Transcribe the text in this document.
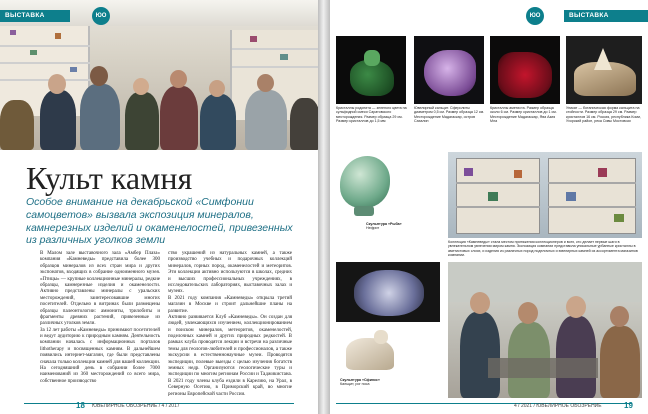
ВЫСТАВКА	ЮО
Культ камня

Особое внимание на декабрьской «Симфонии самоцветов» вызвала экспозиция минералов, камнерезных изделий и окаменелостей, привезенных из различных уголков земли

В Малом зале выставочного зала «Амбер Плаза» компания «Камневеды» представила более 300 образцов минералов из всех стран мира и других экспонатов, входящих в собрание одноименного музея. «Птицы» — крупные коллекционные минералы, редкие образцы, камнерезные изделия и окаменелости. Активно представлены минералы с уральских месторождений, заинтересовавшие многих посетителей. Отдельно в витринах были размещены образцы палеонтологии: аммониты, трилобиты и фрагменты древних растений, привезенные из различных уголков земли.
За 12 лет работы «Камневеды» принимают посетителей и ведут аудиторию к природным камням. Деятельность компании началась с информационных порталов lithotherapy и посвященных камням. В дальнейшем появились интернет-магазин, где были представлены сначала только коллекции камней для вашей коллекции. На сегодняшний день в собрании более 7000 наименований из 360 месторождений со всего мира, собственное производство
ство украшений из натуральных камней, а также производство учебных и подарочных коллекций минералов, горных пород, окаменелостей и метеоритов. Эти коллекции активно используются в школах, средних и высших профессиональных учреждениях, в исследовательских лабораториях, выставочных залах и музеях.
В 2021 году компания «Камневеды» открыла третий магазин в Москве и строит дальнейшие планы на развитие.
Активно развивается Клуб «Камневеды». Он создан для людей, увлекающихся изучением, коллекционированием и поиском минералов, метеоритов, окаменелостей, поделочных камней и других природных редкостей. В рамках клуба проводятся лекции и встречи на различные темы для геологов-любителей и профессионалов, а также экскурсии в естественнонаучные музеи. Проводятся экспедиции, полевые выезды с целью изучения богатств земных недр. Организуются геологические туры и экспедиции по многим регионам России и Таджикистана. В 2021 году члены клуба ездили в Карелию, на Урал, в Северную Осетию, в Приморский край, во многие регионы Европейской части России.
18 ЮВЕЛИРНОЕ ОБОЗРЕНИЕ / 4 / 2017
ЮО	ВЫСТАВКА
Кристаллы родонита — зеленого цвета на сульфидной смеси Саратовского месторождения. Размер образца 29 см. Размер кристаллов до 1,5 мм
Ювелирный кальцит. Сферолиты диаметром 0,5 см. Размер образца 12 см. Месторождение Мадагаскар, остров Сахалин
Кристаллы аметиста. Размер образца около 6 см. Размер кристаллов до 1 см. Месторождение Мадагаскар, Ява Азия Мла
Уникат — ботаническая форма кальцита на стойности. Размер образца 29 см. Размер кристаллов 16 см. Россия, республика Коми, Ухорский район, река Сивы Мостовски
Скульптура «Рыба»
Нефрит
Коллекция «Камневеды» стала местом притяжения коллекционеров и всех, кто делает первые шаги в увлекательном увлечении миром камня. Экспозиция компании представила уникальные урбанные кристаллы в аметистовых слоях, и изделия из различных пород поделочных и ювелирных камней из ассортимента магазинов компании.
Скульптура «Сфинкс»
Кальцит, рог носа
4 / 2021 / ЮВЕЛИРНОЕ ОБОЗРЕНИЕ	19
